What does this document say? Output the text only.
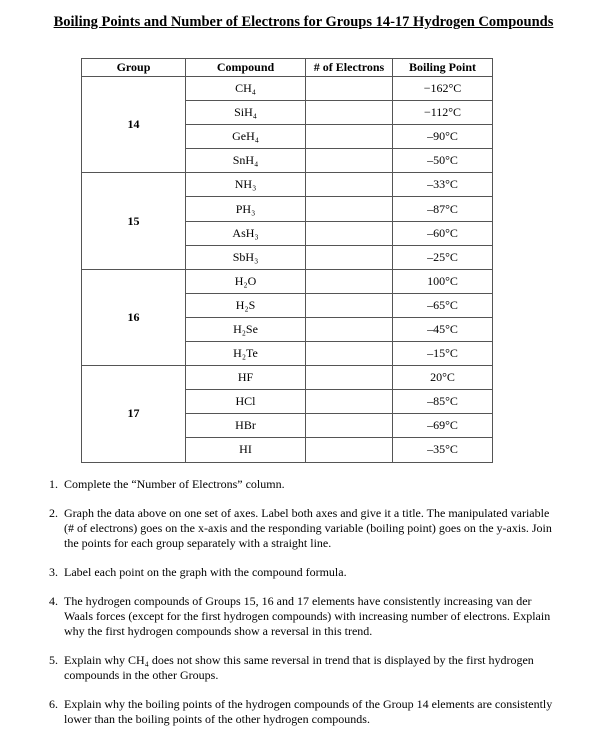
Boiling Points and Number of Electrons for Groups 14-17 Hydrogen Compounds
Group	Compound	# of Electrons	Boiling Point
14	CH₄		−162°C
	SiH₄		−112°C
	GeH₄		–90°C
	SnH₄		–50°C
15	NH₃		–33°C
	PH₃		–87°C
	AsH₃		–60°C
	SbH₃		–25°C
16	H₂O		100°C
	H₂S		–65°C
	H₂Se		–45°C
	H₂Te		–15°C
17	HF		20°C
	HCl		–85°C
	HBr		–69°C
	HI		–35°C
1. Complete the “Number of Electrons” column.
2. Graph the data above on one set of axes. Label both axes and give it a title. The manipulated variable (# of electrons) goes on the x-axis and the responding variable (boiling point) goes on the y-axis. Join the points for each group separately with a straight line.
3. Label each point on the graph with the compound formula.
4. The hydrogen compounds of Groups 15, 16 and 17 elements have consistently increasing van der Waals forces (except for the first hydrogen compounds) with increasing number of electrons. Explain why the first hydrogen compounds show a reversal in this trend.
5. Explain why CH₄ does not show this same reversal in trend that is displayed by the first hydrogen compounds in the other Groups.
6. Explain why the boiling points of the hydrogen compounds of the Group 14 elements are consistently lower than the boiling points of the other hydrogen compounds.
